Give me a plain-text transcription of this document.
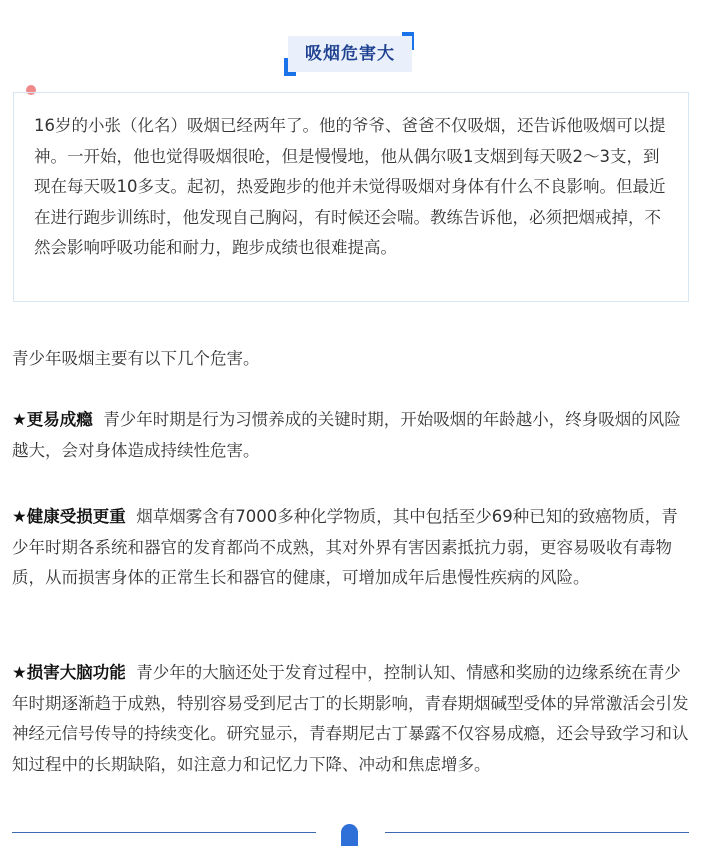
吸烟危害大

16岁的小张（化名）吸烟已经两年了。他的爷爷、爸爸不仅吸烟，还告诉他吸烟可以提神。一开始，他也觉得吸烟很呛，但是慢慢地，他从偶尔吸1支烟到每天吸2～3支，到现在每天吸10多支。起初，热爱跑步的他并未觉得吸烟对身体有什么不良影响。但最近在进行跑步训练时，他发现自己胸闷，有时候还会喘。教练告诉他，必须把烟戒掉，不然会影响呼吸功能和耐力，跑步成绩也很难提高。

青少年吸烟主要有以下几个危害。

★更易成瘾 青少年时期是行为习惯养成的关键时期，开始吸烟的年龄越小，终身吸烟的风险越大，会对身体造成持续性危害。

★健康受损更重 烟草烟雾含有7000多种化学物质，其中包括至少69种已知的致癌物质，青少年时期各系统和器官的发育都尚不成熟，其对外界有害因素抵抗力弱，更容易吸收有毒物质，从而损害身体的正常生长和器官的健康，可增加成年后患慢性疾病的风险。

★损害大脑功能 青少年的大脑还处于发育过程中，控制认知、情感和奖励的边缘系统在青少年时期逐渐趋于成熟，特别容易受到尼古丁的长期影响，青春期烟碱型受体的异常激活会引发神经元信号传导的持续变化。研究显示，青春期尼古丁暴露不仅容易成瘾，还会导致学习和认知过程中的长期缺陷，如注意力和记忆力下降、冲动和焦虑增多。
